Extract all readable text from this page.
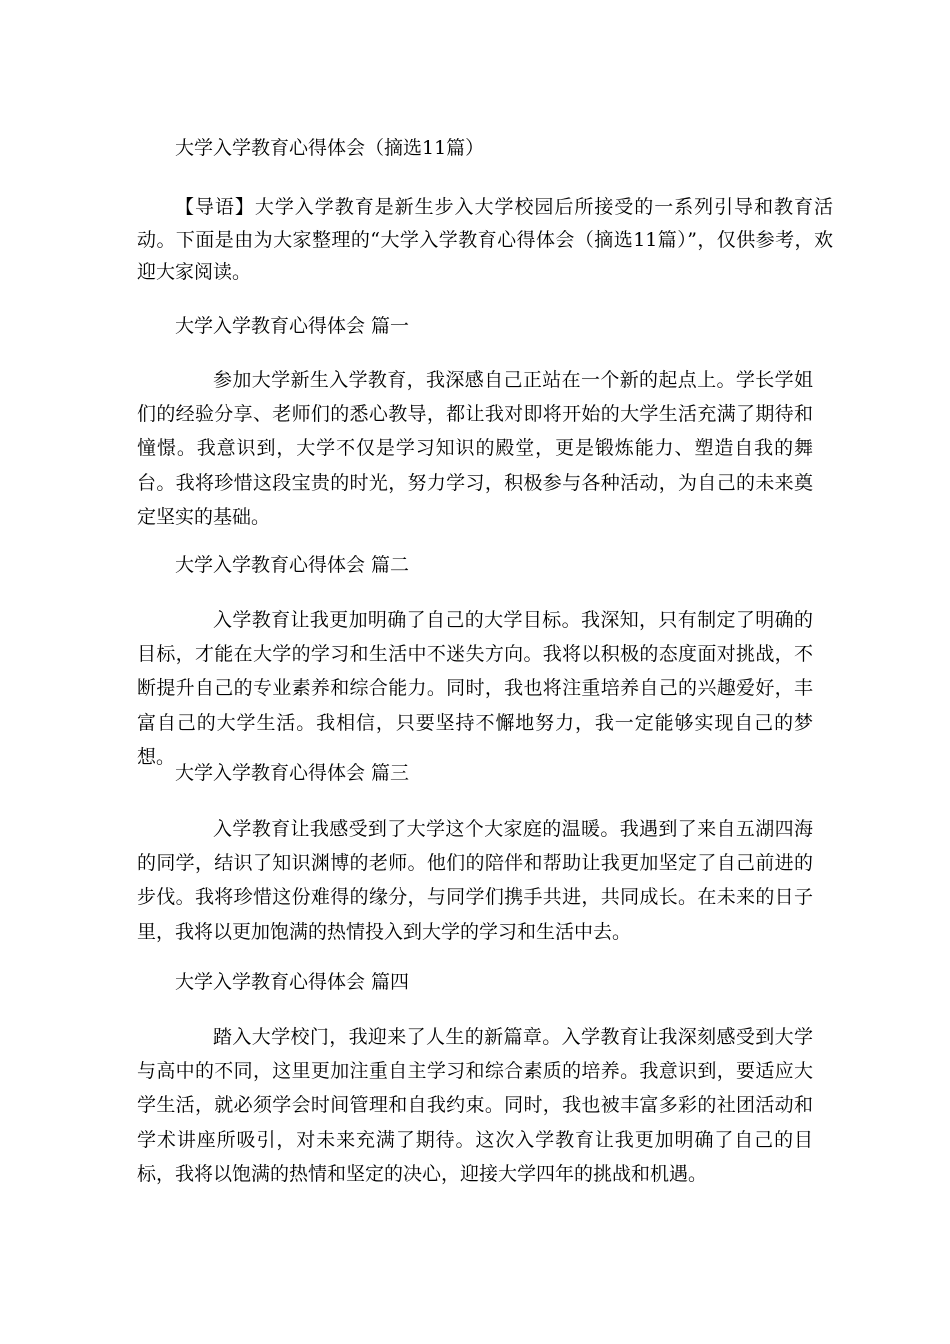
大学入学教育心得体会（摘选11篇）

【导语】大学入学教育是新生步入大学校园后所接受的一系列引导和教育活动。下面是由为大家整理的“大学入学教育心得体会（摘选11篇）”，仅供参考，欢迎大家阅读。

大学入学教育心得体会 篇一

参加大学新生入学教育，我深感自己正站在一个新的起点上。学长学姐们的经验分享、老师们的悉心教导，都让我对即将开始的大学生活充满了期待和憧憬。我意识到，大学不仅是学习知识的殿堂，更是锻炼能力、塑造自我的舞台。我将珍惜这段宝贵的时光，努力学习，积极参与各种活动，为自己的未来奠定坚实的基础。

大学入学教育心得体会 篇二

入学教育让我更加明确了自己的大学目标。我深知，只有制定了明确的目标，才能在大学的学习和生活中不迷失方向。我将以积极的态度面对挑战，不断提升自己的专业素养和综合能力。同时，我也将注重培养自己的兴趣爱好，丰富自己的大学生活。我相信，只要坚持不懈地努力，我一定能够实现自己的梦想。

大学入学教育心得体会 篇三

入学教育让我感受到了大学这个大家庭的温暖。我遇到了来自五湖四海的同学，结识了知识渊博的老师。他们的陪伴和帮助让我更加坚定了自己前进的步伐。我将珍惜这份难得的缘分，与同学们携手共进，共同成长。在未来的日子里，我将以更加饱满的热情投入到大学的学习和生活中去。

大学入学教育心得体会 篇四

踏入大学校门，我迎来了人生的新篇章。入学教育让我深刻感受到大学与高中的不同，这里更加注重自主学习和综合素质的培养。我意识到，要适应大学生活，就必须学会时间管理和自我约束。同时，我也被丰富多彩的社团活动和学术讲座所吸引，对未来充满了期待。这次入学教育让我更加明确了自己的目标，我将以饱满的热情和坚定的决心，迎接大学四年的挑战和机遇。
